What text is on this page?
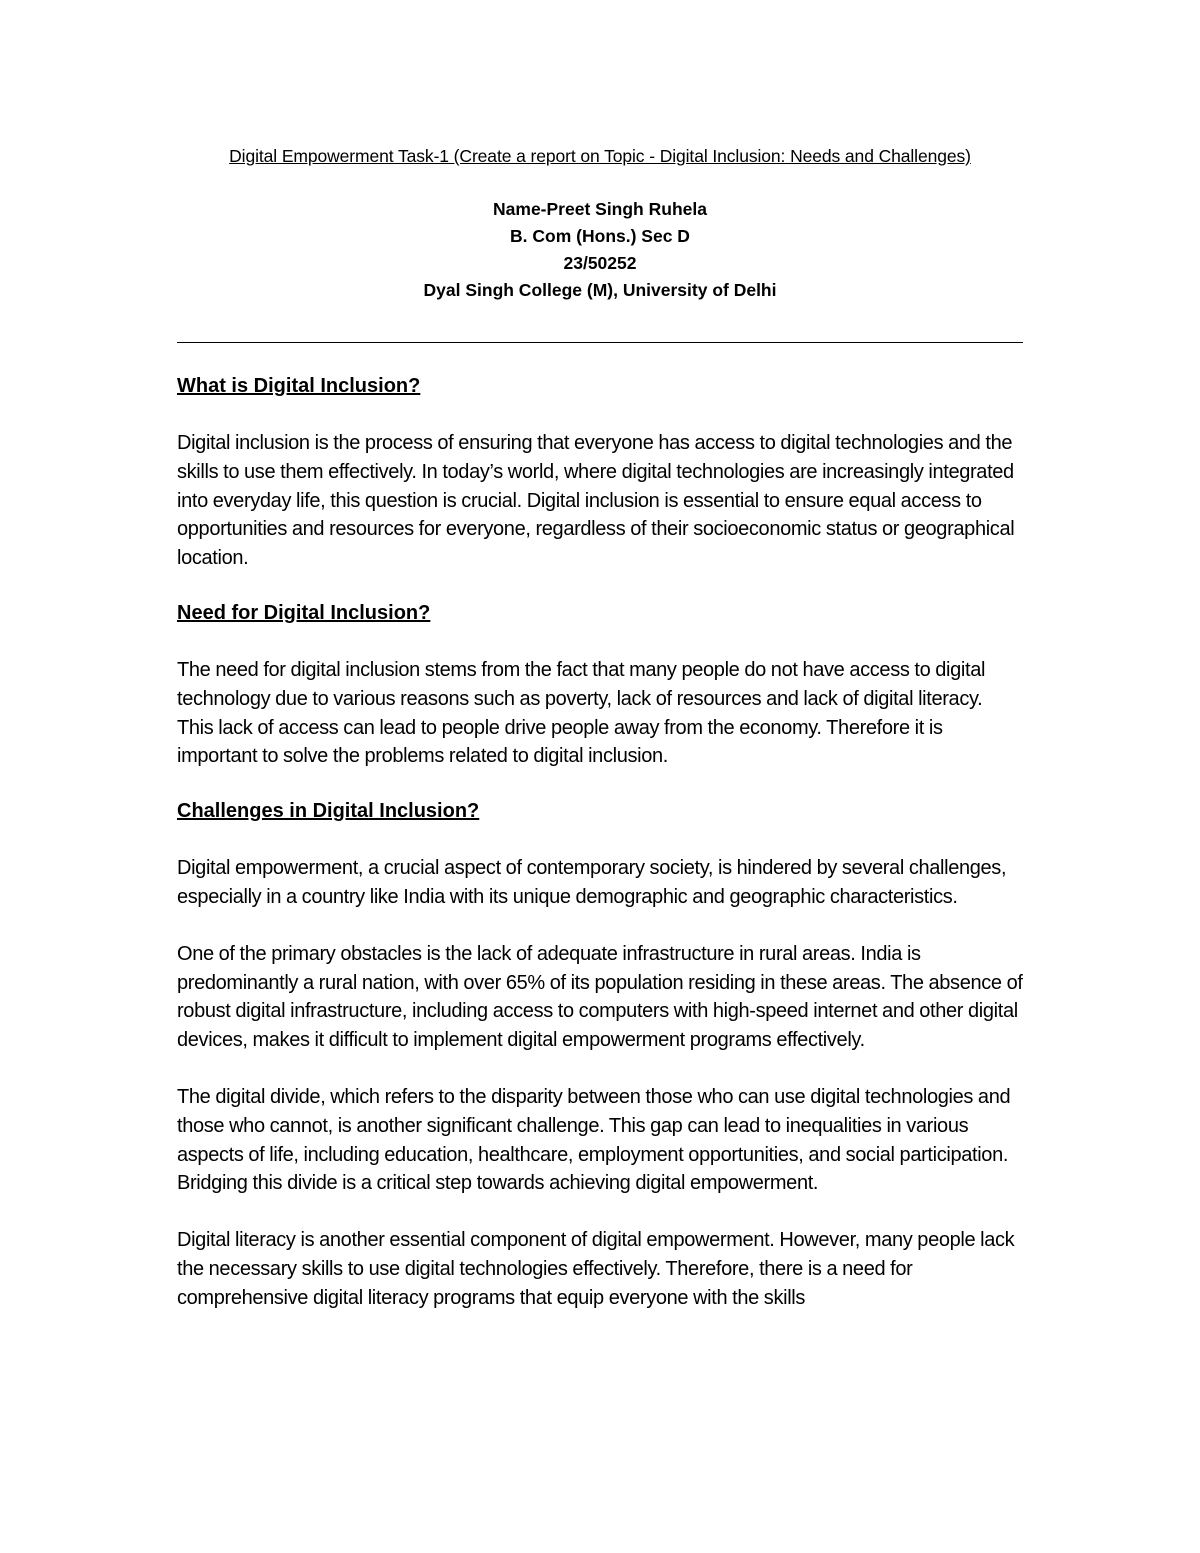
Digital Empowerment Task-1 (Create a report on Topic - Digital Inclusion: Needs and Challenges)

Name-Preet Singh Ruhela
B. Com (Hons.) Sec D
23/50252
Dyal Singh College (M), University of Delhi
What is Digital Inclusion?

Digital inclusion is the process of ensuring that everyone has access to digital technologies and the skills to use them effectively. In today’s world, where digital technologies are increasingly integrated into everyday life, this question is crucial. Digital inclusion is essential to ensure equal access to opportunities and resources for everyone, regardless of their socioeconomic status or geographical location.

Need for Digital Inclusion?

The need for digital inclusion stems from the fact that many people do not have access to digital technology due to various reasons such as poverty, lack of resources and lack of digital literacy. This lack of access can lead to people drive people away from the economy. Therefore it is important to solve the problems related to digital inclusion.

Challenges in Digital Inclusion?

Digital empowerment, a crucial aspect of contemporary society, is hindered by several challenges, especially in a country like India with its unique demographic and geographic characteristics.

One of the primary obstacles is the lack of adequate infrastructure in rural areas. India is predominantly a rural nation, with over 65% of its population residing in these areas. The absence of robust digital infrastructure, including access to computers with high-speed internet and other digital devices, makes it difficult to implement digital empowerment programs effectively.

The digital divide, which refers to the disparity between those who can use digital technologies and those who cannot, is another significant challenge. This gap can lead to inequalities in various aspects of life, including education, healthcare, employment opportunities, and social participation. Bridging this divide is a critical step towards achieving digital empowerment.

Digital literacy is another essential component of digital empowerment. However, many people lack the necessary skills to use digital technologies effectively. Therefore, there is a need for comprehensive digital literacy programs that equip everyone with the skills
